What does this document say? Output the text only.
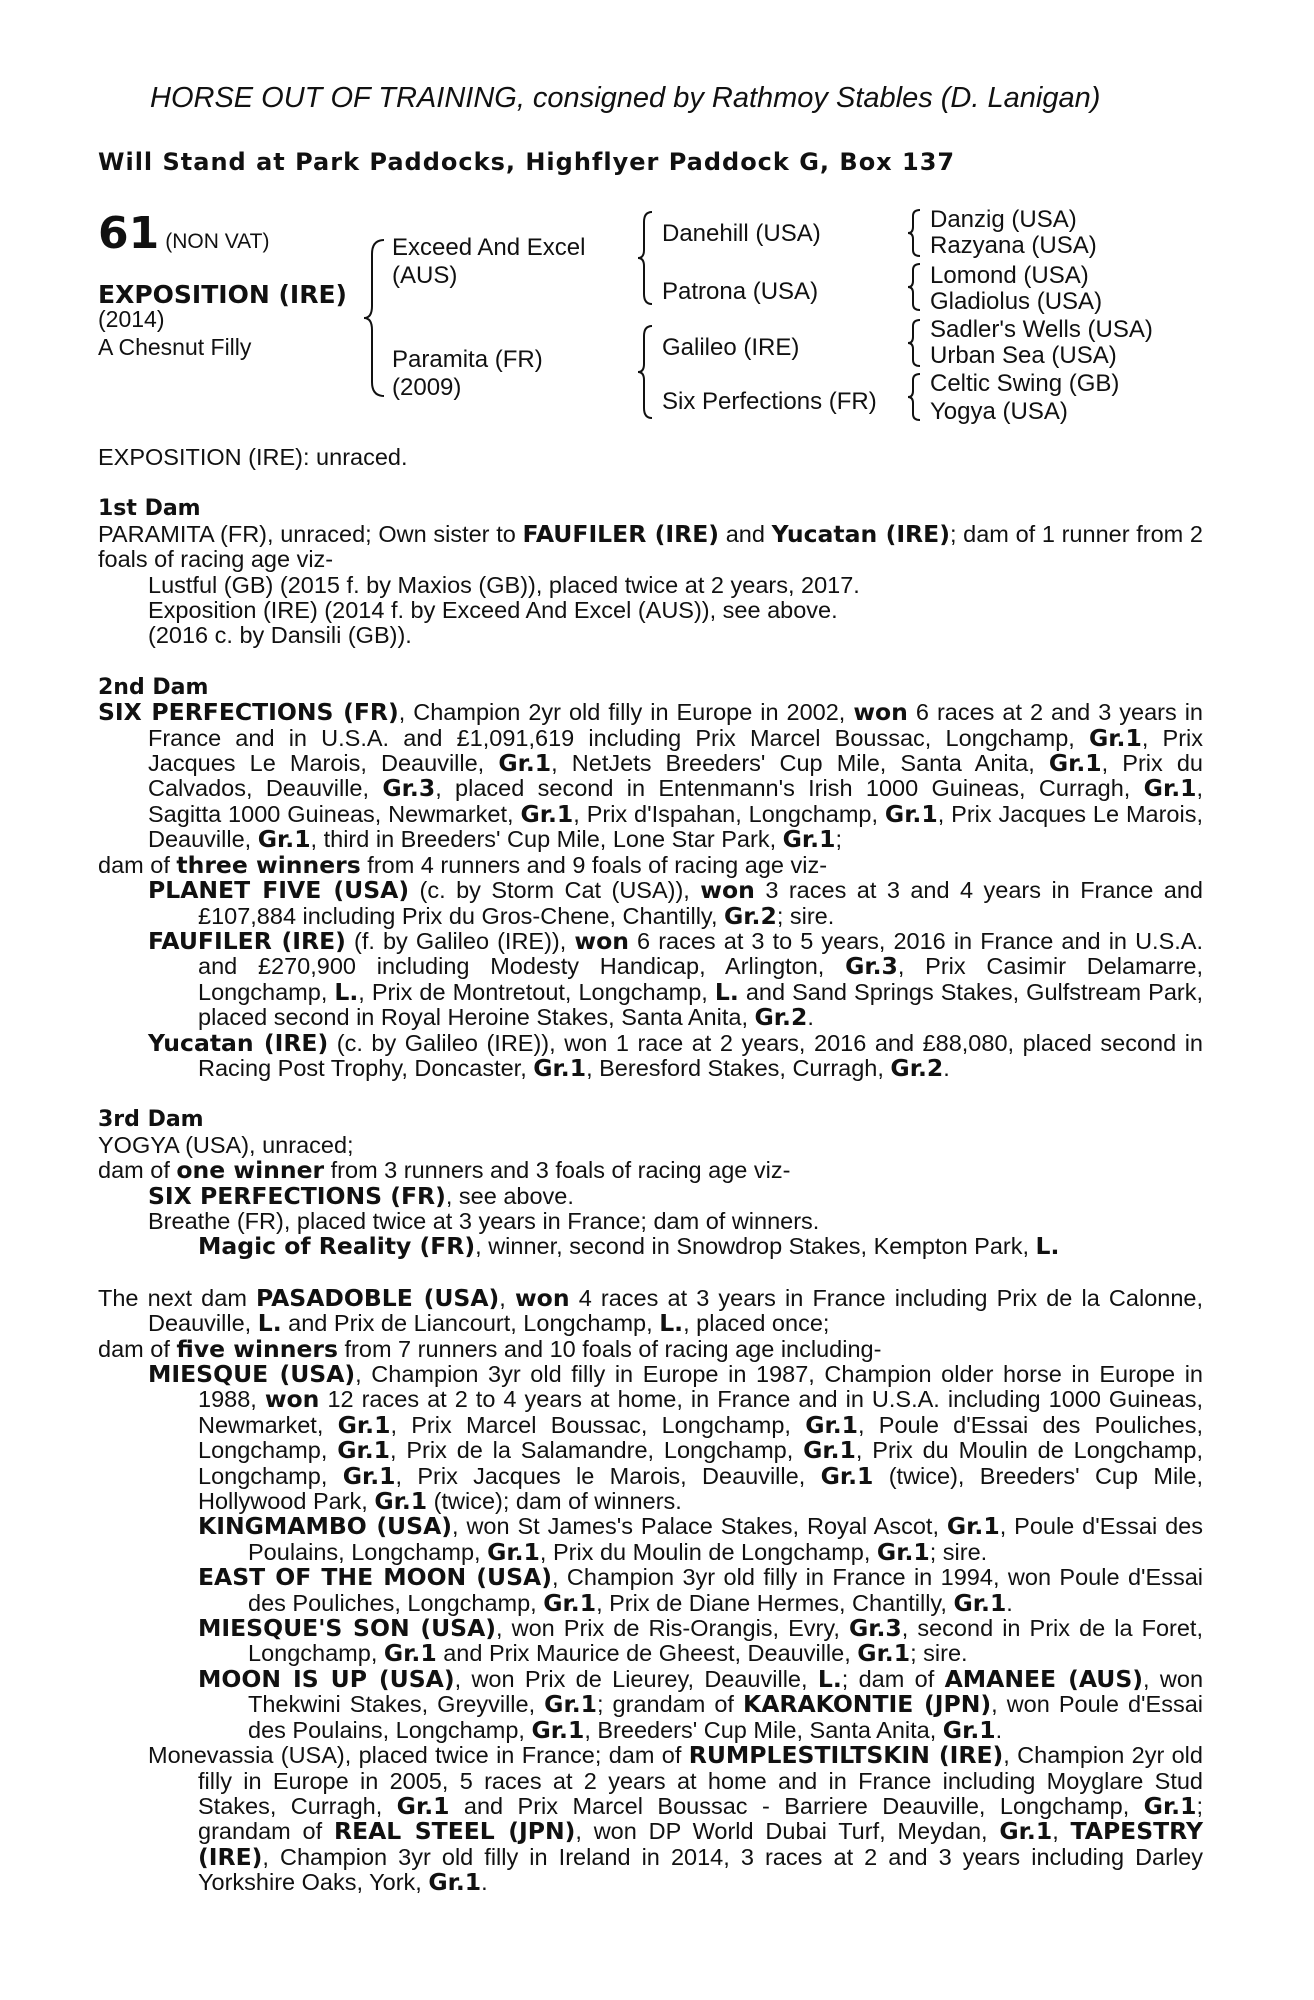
HORSE OUT OF TRAINING, consigned by Rathmoy Stables (D. Lanigan)
Will Stand at Park Paddocks, Highflyer Paddock G, Box 137
61 (NON VAT)
EXPOSITION (IRE)
(2014)
A Chesnut Filly
Exceed And Excel
(AUS)
Paramita (FR)
(2009)
Danehill (USA)
Patrona (USA)
Galileo (IRE)
Six Perfections (FR)
Danzig (USA)
Razyana (USA)
Lomond (USA)
Gladiolus (USA)
Sadler's Wells (USA)
Urban Sea (USA)
Celtic Swing (GB)
Yogya (USA)
EXPOSITION (IRE): unraced.
1st Dam
PARAMITA (FR), unraced; Own sister to FAUFILER (IRE) and Yucatan (IRE); dam of 1 runner from 2 foals of racing age viz-
Lustful (GB) (2015 f. by Maxios (GB)), placed twice at 2 years, 2017.
Exposition (IRE) (2014 f. by Exceed And Excel (AUS)), see above.
(2016 c. by Dansili (GB)).
2nd Dam
SIX PERFECTIONS (FR), Champion 2yr old filly in Europe in 2002, won 6 races at 2 and 3 years in France and in U.S.A. and £1,091,619 including Prix Marcel Boussac, Longchamp, Gr.1, Prix Jacques Le Marois, Deauville, Gr.1, NetJets Breeders' Cup Mile, Santa Anita, Gr.1, Prix du Calvados, Deauville, Gr.3, placed second in Entenmann's Irish 1000 Guineas, Curragh, Gr.1, Sagitta 1000 Guineas, Newmarket, Gr.1, Prix d'Ispahan, Longchamp, Gr.1, Prix Jacques Le Marois, Deauville, Gr.1, third in Breeders' Cup Mile, Lone Star Park, Gr.1;
dam of three winners from 4 runners and 9 foals of racing age viz-
PLANET FIVE (USA) (c. by Storm Cat (USA)), won 3 races at 3 and 4 years in France and £107,884 including Prix du Gros-Chene, Chantilly, Gr.2; sire.
FAUFILER (IRE) (f. by Galileo (IRE)), won 6 races at 3 to 5 years, 2016 in France and in U.S.A. and £270,900 including Modesty Handicap, Arlington, Gr.3, Prix Casimir Delamarre, Longchamp, L., Prix de Montretout, Longchamp, L. and Sand Springs Stakes, Gulfstream Park, placed second in Royal Heroine Stakes, Santa Anita, Gr.2.
Yucatan (IRE) (c. by Galileo (IRE)), won 1 race at 2 years, 2016 and £88,080, placed second in Racing Post Trophy, Doncaster, Gr.1, Beresford Stakes, Curragh, Gr.2.
3rd Dam
YOGYA (USA), unraced;
dam of one winner from 3 runners and 3 foals of racing age viz-
SIX PERFECTIONS (FR), see above.
Breathe (FR), placed twice at 3 years in France; dam of winners.
Magic of Reality (FR), winner, second in Snowdrop Stakes, Kempton Park, L.
The next dam PASADOBLE (USA), won 4 races at 3 years in France including Prix de la Calonne, Deauville, L. and Prix de Liancourt, Longchamp, L., placed once;
dam of five winners from 7 runners and 10 foals of racing age including-
MIESQUE (USA), Champion 3yr old filly in Europe in 1987, Champion older horse in Europe in 1988, won 12 races at 2 to 4 years at home, in France and in U.S.A. including 1000 Guineas, Newmarket, Gr.1, Prix Marcel Boussac, Longchamp, Gr.1, Poule d'Essai des Pouliches, Longchamp, Gr.1, Prix de la Salamandre, Longchamp, Gr.1, Prix du Moulin de Longchamp, Longchamp, Gr.1, Prix Jacques le Marois, Deauville, Gr.1 (twice), Breeders' Cup Mile, Hollywood Park, Gr.1 (twice); dam of winners.
KINGMAMBO (USA), won St James's Palace Stakes, Royal Ascot, Gr.1, Poule d'Essai des Poulains, Longchamp, Gr.1, Prix du Moulin de Longchamp, Gr.1; sire.
EAST OF THE MOON (USA), Champion 3yr old filly in France in 1994, won Poule d'Essai des Pouliches, Longchamp, Gr.1, Prix de Diane Hermes, Chantilly, Gr.1.
MIESQUE'S SON (USA), won Prix de Ris-Orangis, Evry, Gr.3, second in Prix de la Foret, Longchamp, Gr.1 and Prix Maurice de Gheest, Deauville, Gr.1; sire.
MOON IS UP (USA), won Prix de Lieurey, Deauville, L.; dam of AMANEE (AUS), won Thekwini Stakes, Greyville, Gr.1; grandam of KARAKONTIE (JPN), won Poule d'Essai des Poulains, Longchamp, Gr.1, Breeders' Cup Mile, Santa Anita, Gr.1.
Monevassia (USA), placed twice in France; dam of RUMPLESTILTSKIN (IRE), Champion 2yr old filly in Europe in 2005, 5 races at 2 years at home and in France including Moyglare Stud Stakes, Curragh, Gr.1 and Prix Marcel Boussac - Barriere Deauville, Longchamp, Gr.1; grandam of REAL STEEL (JPN), won DP World Dubai Turf, Meydan, Gr.1, TAPESTRY (IRE), Champion 3yr old filly in Ireland in 2014, 3 races at 2 and 3 years including Darley Yorkshire Oaks, York, Gr.1.
